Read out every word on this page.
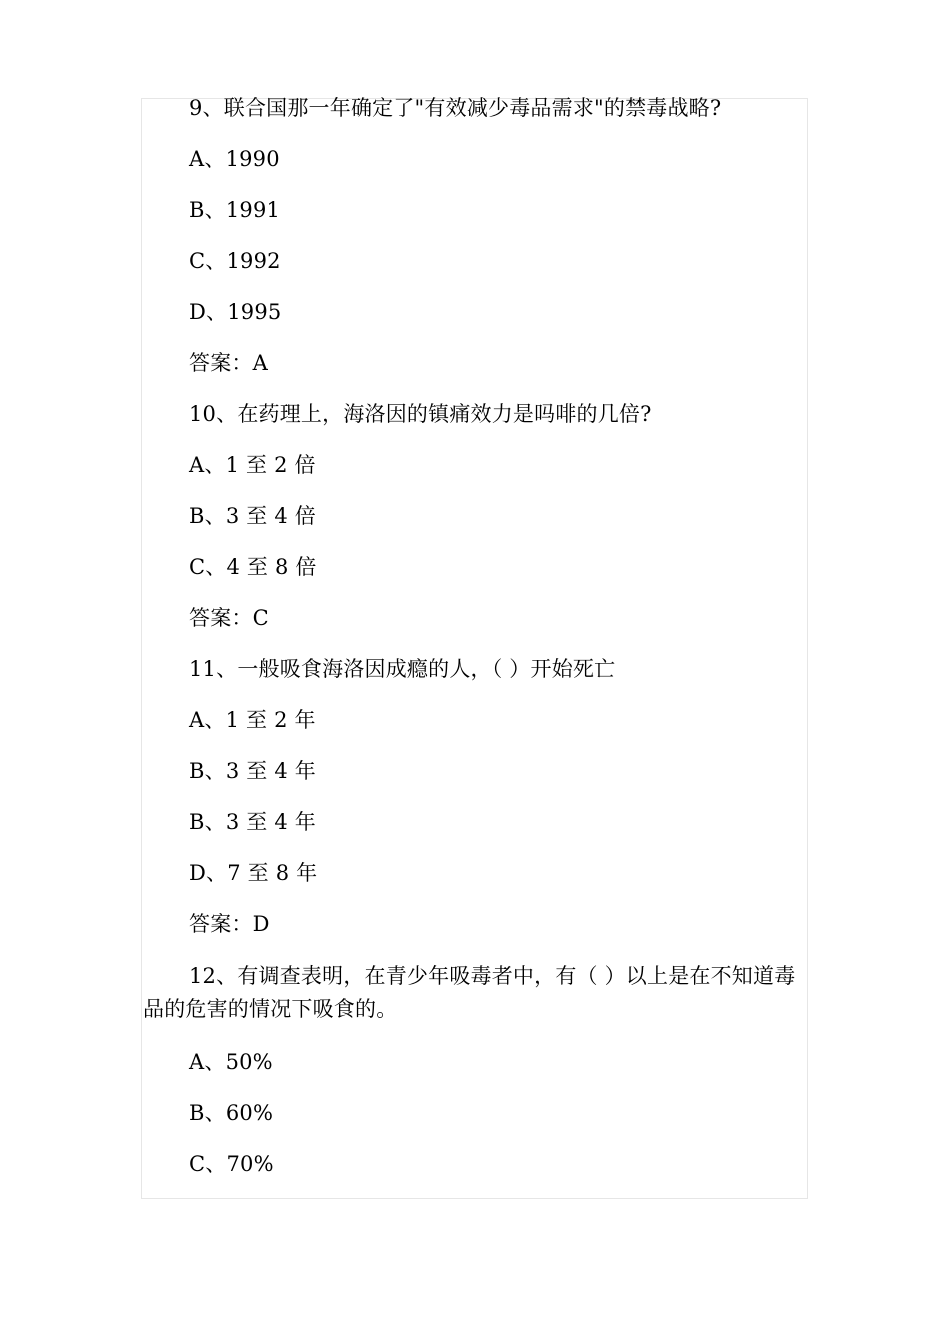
9、联合国那一年确定了"有效减少毒品需求"的禁毒战略?
A、1990
B、1991
C、1992
D、1995
答案：A
10、在药理上，海洛因的镇痛效力是吗啡的几倍?
A、1 至 2 倍
B、3 至 4 倍
C、4 至 8 倍
答案：C
11、一般吸食海洛因成瘾的人，（ ）开始死亡
A、1 至 2 年
B、3 至 4 年
B、3 至 4 年
D、7 至 8 年
答案：D
12、有调查表明，在青少年吸毒者中，有（ ）以上是在不知道毒品的危害的情况下吸食的。
A、50%
B、60%
C、70%
